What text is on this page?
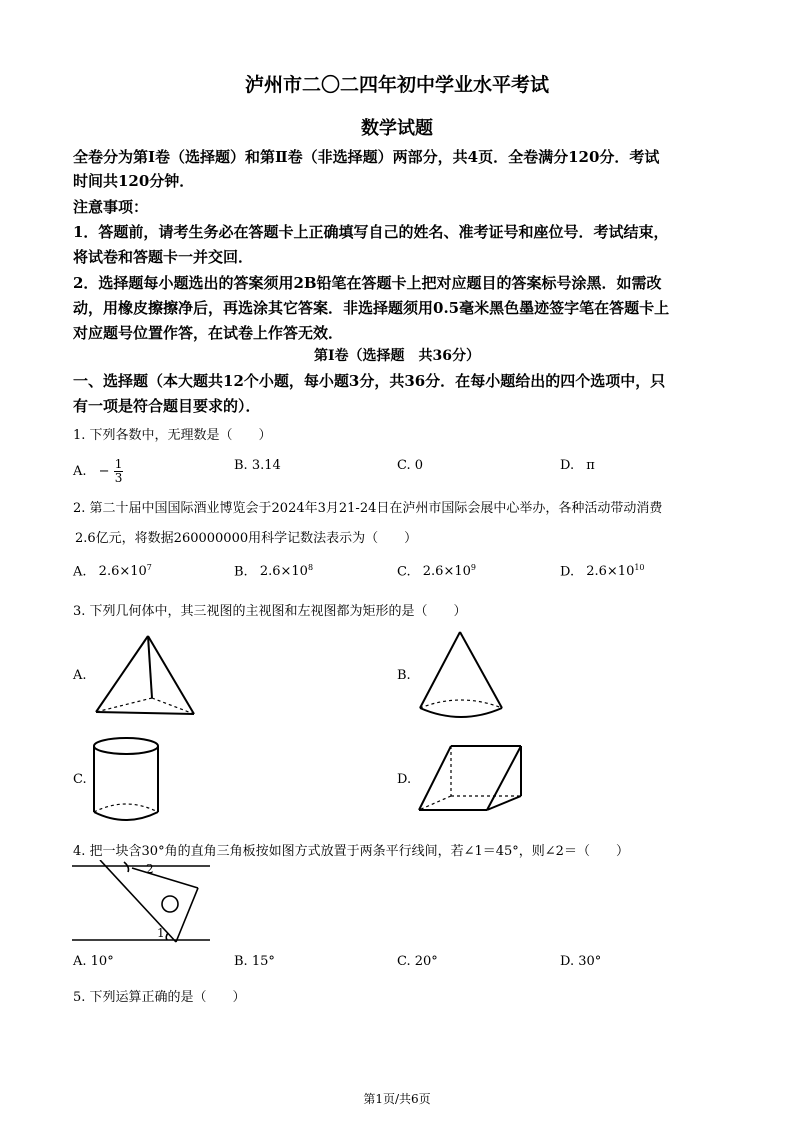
泸州市二〇二四年初中学业水平考试
数学试题
全卷分为第Ⅰ卷（选择题）和第Ⅱ卷（非选择题）两部分，共4页．全卷满分120分．考试
时间共120分钟．
注意事项：
1．答题前，请考生务必在答题卡上正确填写自己的姓名、准考证号和座位号．考试结束，
将试卷和答题卡一并交回．
2．选择题每小题选出的答案须用2B铅笔在答题卡上把对应题目的答案标号涂黑．如需改
动，用橡皮擦擦净后，再选涂其它答案．非选择题须用0.5毫米黑色墨迹签字笔在答题卡上
对应题号位置作答，在试卷上作答无效．
第Ⅰ卷（选择题　共36分）
一、选择题（本大题共12个小题，每小题3分，共36分．在每小题给出的四个选项中，只
有一项是符合题目要求的）．
1. 下列各数中，无理数是（　　）
A. − $\frac{1}{3}$	B. 3.14	C. 0	D. π
2. 第二十届中国国际酒业博览会于2024年3月21-24日在泸州市国际会展中心举办，各种活动带动消费
2.6亿元，将数据260000000用科学记数法表示为（　　）
A. $2.6\times 10^7$	B. $2.6\times 10^8$	C. $2.6\times 10^9$	D. $2.6\times 10^{10}$
3. 下列几何体中，其三视图的主视图和左视图都为矩形的是（　　）
A.	B.
C.	D.
4. 把一块含30°角的直角三角板按如图方式放置于两条平行线间，若∠1＝45°，则∠2＝（　　）
2
1
A. 10°	B. 15°	C. 20°	D. 30°
5. 下列运算正确的是（　　）
第1页/共6页
